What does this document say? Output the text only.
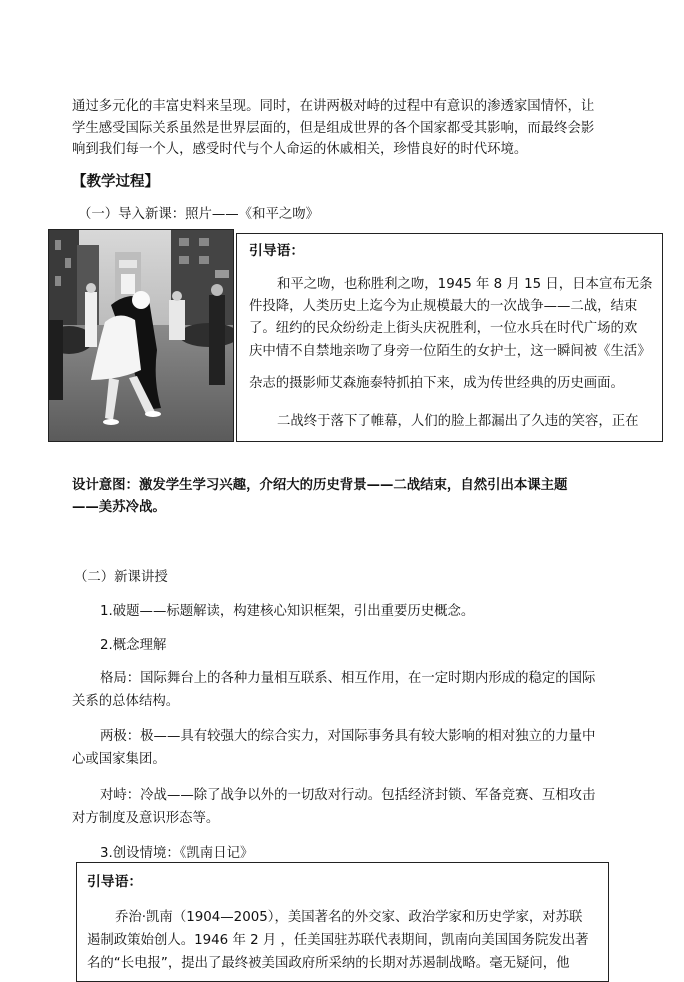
通过多元化的丰富史料来呈现。同时，在讲两极对峙的过程中有意识的渗透家国情怀，让
学生感受国际关系虽然是世界层面的，但是组成世界的各个国家都受其影响，而最终会影
响到我们每一个人，感受时代与个人命运的休戚相关，珍惜良好的时代环境。
【教学过程】
（一）导入新课：照片——《和平之吻》
引导语：
和平之吻，也称胜利之吻，1945 年 8 月 15 日，日本宣布无条
件投降，人类历史上迄今为止规模最大的一次战争——二战，结束
了。纽约的民众纷纷走上街头庆祝胜利，一位水兵在时代广场的欢
庆中情不自禁地亲吻了身旁一位陌生的女护士，这一瞬间被《生活》
杂志的摄影师艾森施泰特抓拍下来，成为传世经典的历史画面。
二战终于落下了帷幕，人们的脸上都漏出了久违的笑容，正在
设计意图：激发学生学习兴趣，介绍大的历史背景——二战结束，自然引出本课主题
——美苏冷战。
（二）新课讲授
1.破题——标题解读，构建核心知识框架，引出重要历史概念。
2.概念理解
格局：国际舞台上的各种力量相互联系、相互作用，在一定时期内形成的稳定的国际
关系的总体结构。
两极：极——具有较强大的综合实力，对国际事务具有较大影响的相对独立的力量中
心或国家集团。
对峙：冷战——除了战争以外的一切敌对行动。包括经济封锁、军备竞赛、互相攻击
对方制度及意识形态等。
3.创设情境：《凯南日记》
引导语：
乔治·凯南（1904—2005），美国著名的外交家、政治学家和历史学家，对苏联
遏制政策始创人。1946 年 2 月 ，任美国驻苏联代表期间，凯南向美国国务院发出著
名的“长电报”，提出了最终被美国政府所采纳的长期对苏遏制战略。毫无疑问，他
